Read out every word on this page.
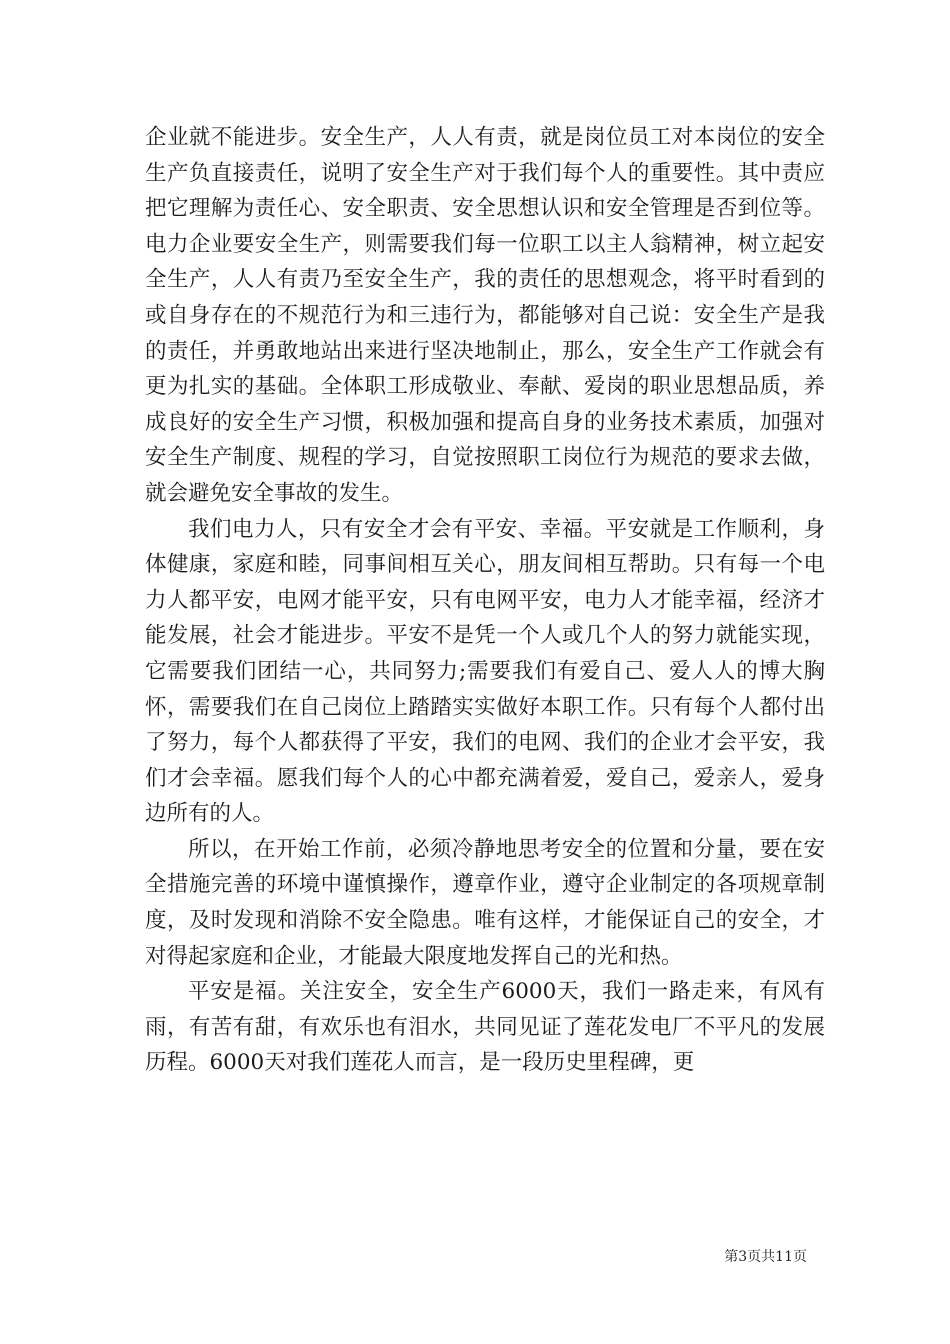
企业就不能进步。安全生产，人人有责，就是岗位员工对本岗位的安全生产负直接责任，说明了安全生产对于我们每个人的重要性。其中责应把它理解为责任心、安全职责、安全思想认识和安全管理是否到位等。电力企业要安全生产，则需要我们每一位职工以主人翁精神，树立起安全生产，人人有责乃至安全生产，我的责任的思想观念，将平时看到的或自身存在的不规范行为和三违行为，都能够对自己说：安全生产是我的责任，并勇敢地站出来进行坚决地制止，那么，安全生产工作就会有更为扎实的基础。全体职工形成敬业、奉献、爱岗的职业思想品质，养成良好的安全生产习惯，积极加强和提高自身的业务技术素质，加强对安全生产制度、规程的学习，自觉按照职工岗位行为规范的要求去做，就会避免安全事故的发生。

我们电力人，只有安全才会有平安、幸福。平安就是工作顺利，身体健康，家庭和睦，同事间相互关心，朋友间相互帮助。只有每一个电力人都平安，电网才能平安，只有电网平安，电力人才能幸福，经济才能发展，社会才能进步。平安不是凭一个人或几个人的努力就能实现，它需要我们团结一心，共同努力;需要我们有爱自己、爱人人的博大胸怀，需要我们在自己岗位上踏踏实实做好本职工作。只有每个人都付出了努力，每个人都获得了平安，我们的电网、我们的企业才会平安，我们才会幸福。愿我们每个人的心中都充满着爱，爱自己，爱亲人，爱身边所有的人。

所以，在开始工作前，必须冷静地思考安全的位置和分量，要在安全措施完善的环境中谨慎操作，遵章作业，遵守企业制定的各项规章制度，及时发现和消除不安全隐患。唯有这样，才能保证自己的安全，才对得起家庭和企业，才能最大限度地发挥自己的光和热。

平安是福。关注安全，安全生产6000天，我们一路走来，有风有雨，有苦有甜，有欢乐也有泪水，共同见证了莲花发电厂不平凡的发展历程。6000天对我们莲花人而言，是一段历史里程碑，更

第3页共11页
